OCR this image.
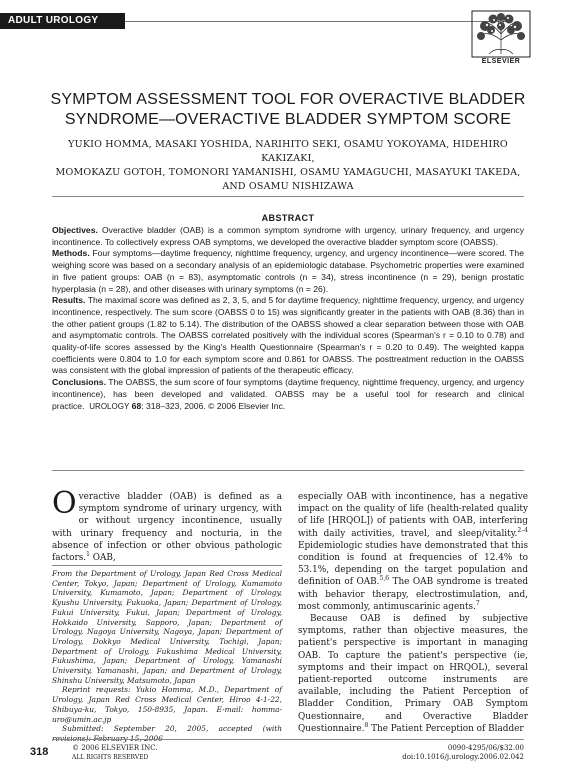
ADULT UROLOGY
ELSEVIER
SYMPTOM ASSESSMENT TOOL FOR OVERACTIVE BLADDER
SYNDROME—OVERACTIVE BLADDER SYMPTOM SCORE
YUKIO HOMMA, MASAKI YOSHIDA, NARIHITO SEKI, OSAMU YOKOYAMA, HIDEHIRO KAKIZAKI,
MOMOKAZU GOTOH, TOMONORI YAMANISHI, OSAMU YAMAGUCHI, MASAYUKI TAKEDA,
AND OSAMU NISHIZAWA
ABSTRACT

Objectives. Overactive bladder (OAB) is a common symptom syndrome with urgency, urinary frequency, and urgency incontinence. To collectively express OAB symptoms, we developed the overactive bladder symptom score (OABSS).

Methods. Four symptoms—daytime frequency, nighttime frequency, urgency, and urgency incontinence—were scored. The weighing score was based on a secondary analysis of an epidemiologic database. Psychometric properties were examined in five patient groups: OAB (n = 83), asymptomatic controls (n = 34), stress incontinence (n = 29), benign prostatic hyperplasia (n = 28), and other diseases with urinary symptoms (n = 26).

Results. The maximal score was defined as 2, 3, 5, and 5 for daytime frequency, nighttime frequency, urgency, and urgency incontinence, respectively. The sum score (OABSS 0 to 15) was significantly greater in the patients with OAB (8.36) than in the other patient groups (1.82 to 5.14). The distribution of the OABSS showed a clear separation between those with OAB and asymptomatic controls. The OABSS correlated positively with the individual scores (Spearman's r = 0.10 to 0.78) and quality-of-life scores assessed by the King's Health Questionnaire (Spearman's r = 0.20 to 0.49). The weighted kappa coefficients were 0.804 to 1.0 for each symptom score and 0.861 for OABSS. The posttreatment reduction in the OABSS was consistent with the global impression of patients of the therapeutic efficacy.

Conclusions. The OABSS, the sum score of four symptoms (daytime frequency, nighttime frequency, urgency, and urgency incontinence), has been developed and validated. OABSS may be a useful tool for research and clinical practice. UROLOGY 68: 318–323, 2006. © 2006 Elsevier Inc.

Overactive bladder (OAB) is defined as a symptom syndrome of urinary urgency, with or without urgency incontinence, usually with urinary frequency and nocturia, in the absence of infection or other obvious pathologic factors.$^1$ OAB,

From the Department of Urology, Japan Red Cross Medical Center, Tokyo, Japan; Department of Urology, Kumamoto University, Kumamoto, Japan; Department of Urology, Kyushu University, Fukuoka, Japan; Department of Urology, Fukui University, Fukui, Japan; Department of Urology, Hokkaido University, Sapporo, Japan; Department of Urology, Nagoya University, Nagoya, Japan; Department of Urology, Dokkyo Medical University, Tochigi, Japan; Department of Urology, Fukushima Medical University, Fukushima, Japan; Department of Urology, Yamanashi University, Yamanashi, Japan; and Department of Urology, Shinshu University, Matsumoto, Japan

Reprint requests: Yukio Homma, M.D., Department of Urology, Japan Red Cross Medical Center, Hiroo 4-1-22, Shibuya-ku, Tokyo, 150-8935, Japan. E-mail: homma-uro@umin.ac.jp

Submitted: September 20, 2005, accepted (with

especially OAB with incontinence, has a negative impact on the quality of life (health-related quality of life [HRQOL]) of patients with OAB, interfering with daily activities, travel, and sleep/vitality.$^{2-4}$ Epidemiologic studies have demonstrated that this condition is found at frequencies of 12.4% to 53.1%, depending on the target population and definition of OAB.$^{5,6}$ The OAB syndrome is treated with behavior therapy, electrostimulation, and, most commonly, antimuscarinic agents.$^7$

Because OAB is defined by subjective symptoms, rather than objective measures, the patient's perspective is important in managing OAB. To capture the patient's perspective (ie, symptoms and their impact on HRQOL), several patient-reported outcome instruments are available, including the Patient Perception of Bladder Condition, Primary OAB Symptom Questionnaire, and Overactive Bladder Questionnaire.$^8$ The Patient Perception of Bladder

318	© 2006 ELSEVIER INC.
ALL RIGHTS RESERVED
0090-4295/06/$32.00
doi:10.1016/j.urology.2006.02.042
